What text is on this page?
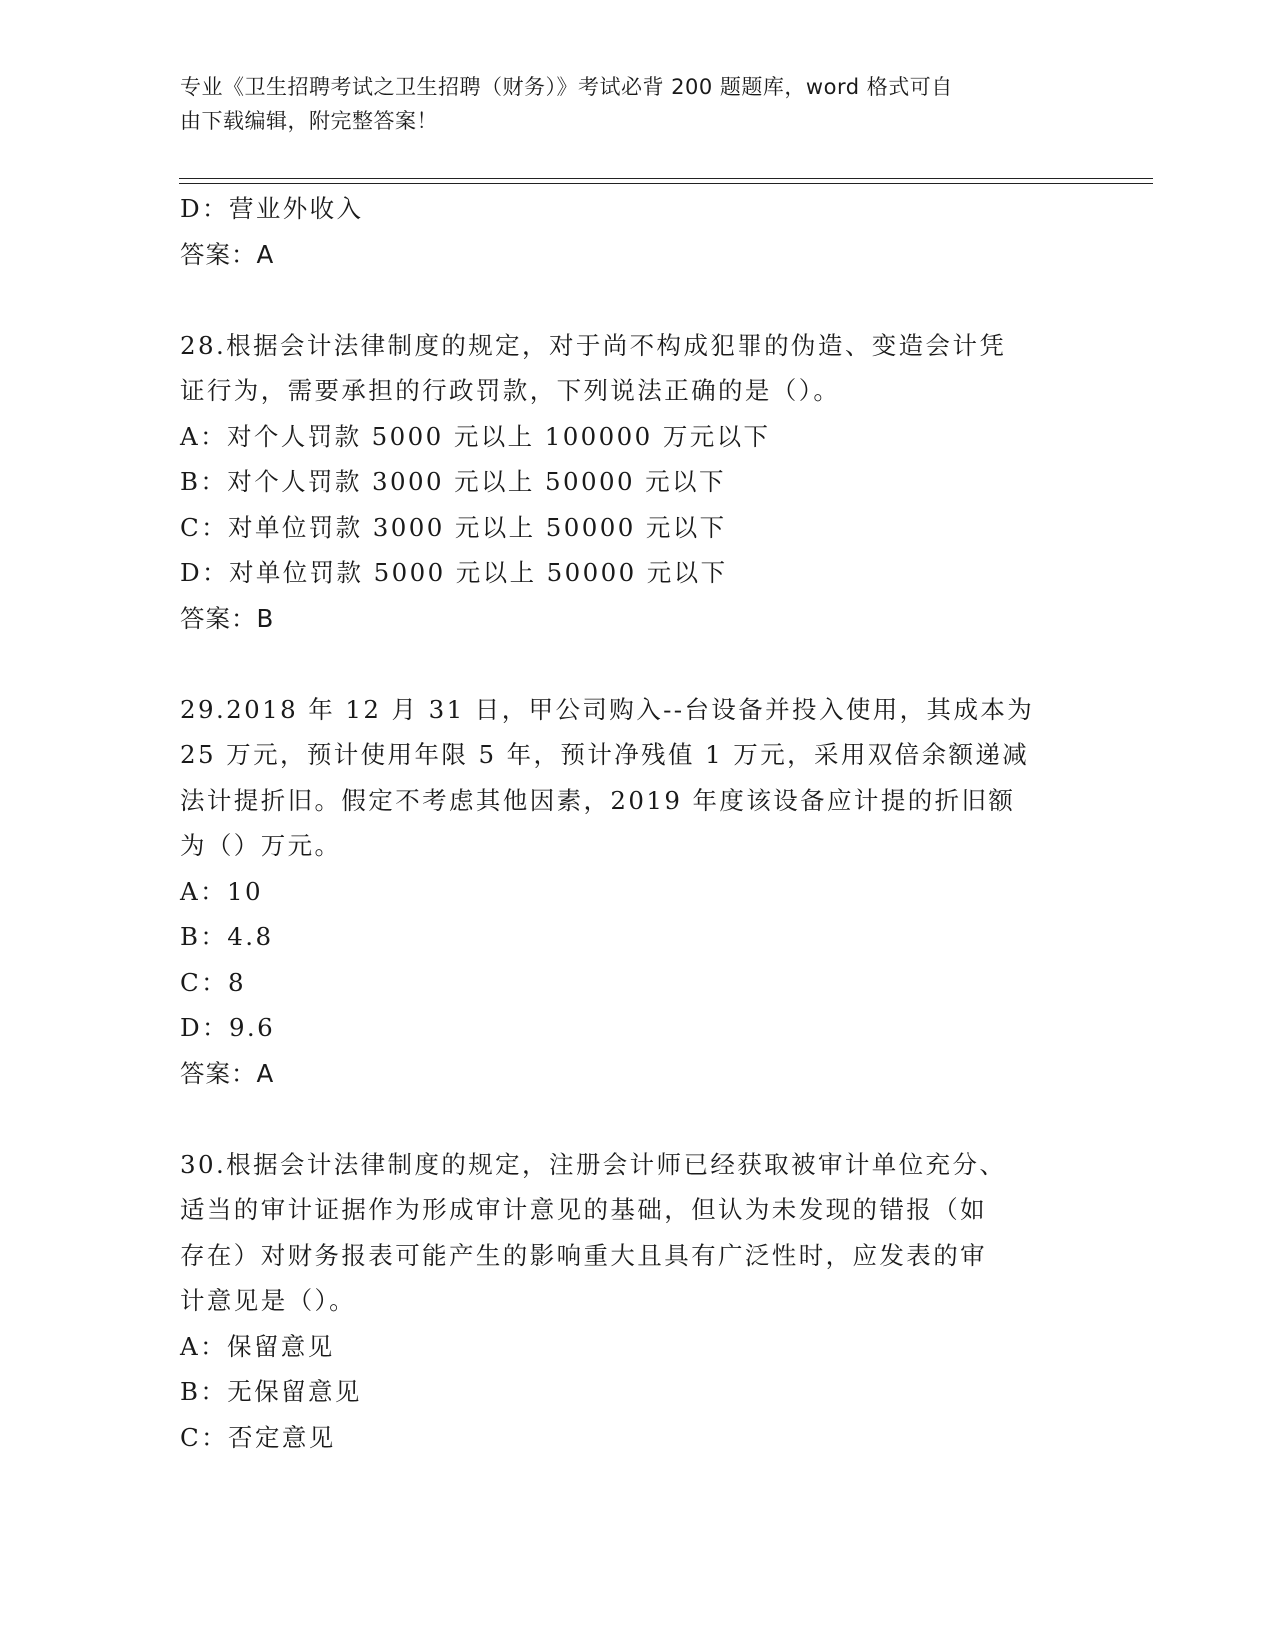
专业《卫生招聘考试之卫生招聘（财务）》考试必背 200 题题库，word 格式可自
由下载编辑，附完整答案！
D：营业外收入
答案：A
28.根据会计法律制度的规定，对于尚不构成犯罪的伪造、变造会计凭
证行为，需要承担的行政罚款，下列说法正确的是（）。
A：对个人罚款 5000 元以上 100000 万元以下
B：对个人罚款 3000 元以上 50000 元以下
C：对单位罚款 3000 元以上 50000 元以下
D：对单位罚款 5000 元以上 50000 元以下
答案：B
29.2018 年 12 月 31 日，甲公司购入--台设备并投入使用，其成本为
25 万元，预计使用年限 5 年，预计净残值 1 万元，采用双倍余额递减
法计提折旧。假定不考虑其他因素，2019 年度该设备应计提的折旧额
为（）万元。
A：10
B：4.8
C：8
D：9.6
答案：A
30.根据会计法律制度的规定，注册会计师已经获取被审计单位充分、
适当的审计证据作为形成审计意见的基础，但认为未发现的错报（如
存在）对财务报表可能产生的影响重大且具有广泛性时，应发表的审
计意见是（）。
A：保留意见
B：无保留意见
C：否定意见
